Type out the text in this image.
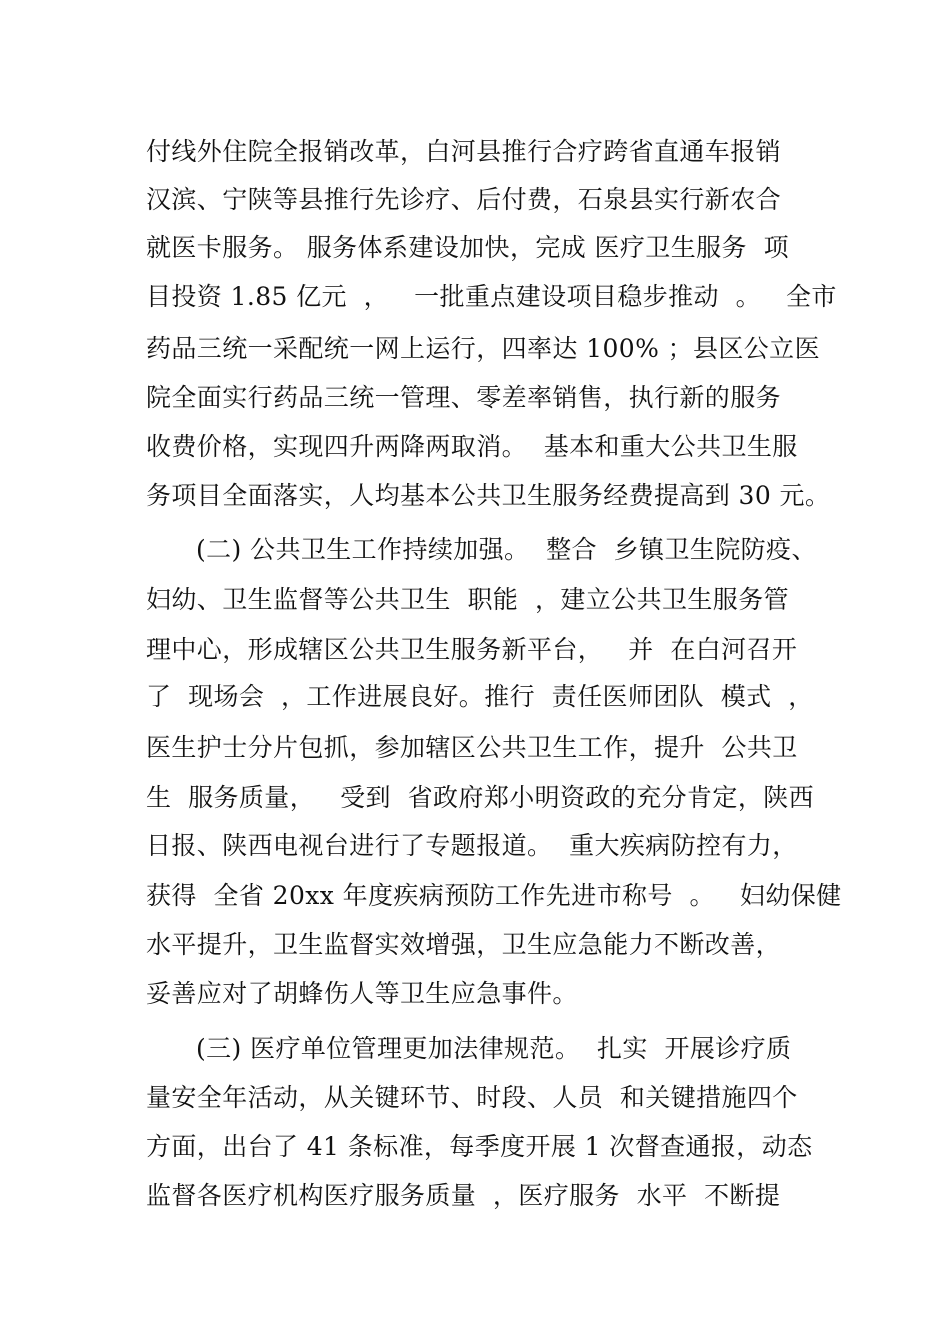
付线外住院全报销改革，白河县推行合疗跨省直通车报销
汉滨、宁陕等县推行先诊疗、后付费，石泉县实行新农合
就医卡服务。 服务体系建设加快，完成 医疗卫生服务  项
目投资 1.85 亿元  ，   一批重点建设项目稳步推动  。   全市
药品三统一采配统一网上运行，四率达 100% ；县区公立医
院全面实行药品三统一管理、零差率销售，执行新的服务
收费价格，实现四升两降两取消。  基本和重大公共卫生服
务项目全面落实，人均基本公共卫生服务经费提高到 30 元。
(二) 公共卫生工作持续加强。  整合  乡镇卫生院防疫、
妇幼、卫生监督等公共卫生  职能  ，建立公共卫生服务管
理中心，形成辖区公共卫生服务新平台，   并  在白河召开
了  现场会  ，工作进展良好。推行  责任医师团队  模式  ，
医生护士分片包抓，参加辖区公共卫生工作，提升  公共卫
生  服务质量，   受到  省政府郑小明资政的充分肯定，陕西
日报、陕西电视台进行了专题报道。  重大疾病防控有力，
获得  全省 20xx 年度疾病预防工作先进市称号  。   妇幼保健
水平提升，卫生监督实效增强，卫生应急能力不断改善，
妥善应对了胡蜂伤人等卫生应急事件。
(三) 医疗单位管理更加法律规范。  扎实  开展诊疗质
量安全年活动，从关键环节、时段、人员  和关键措施四个
方面，出台了 41 条标准，每季度开展 1 次督查通报，动态
监督各医疗机构医疗服务质量  ，医疗服务  水平  不断提
